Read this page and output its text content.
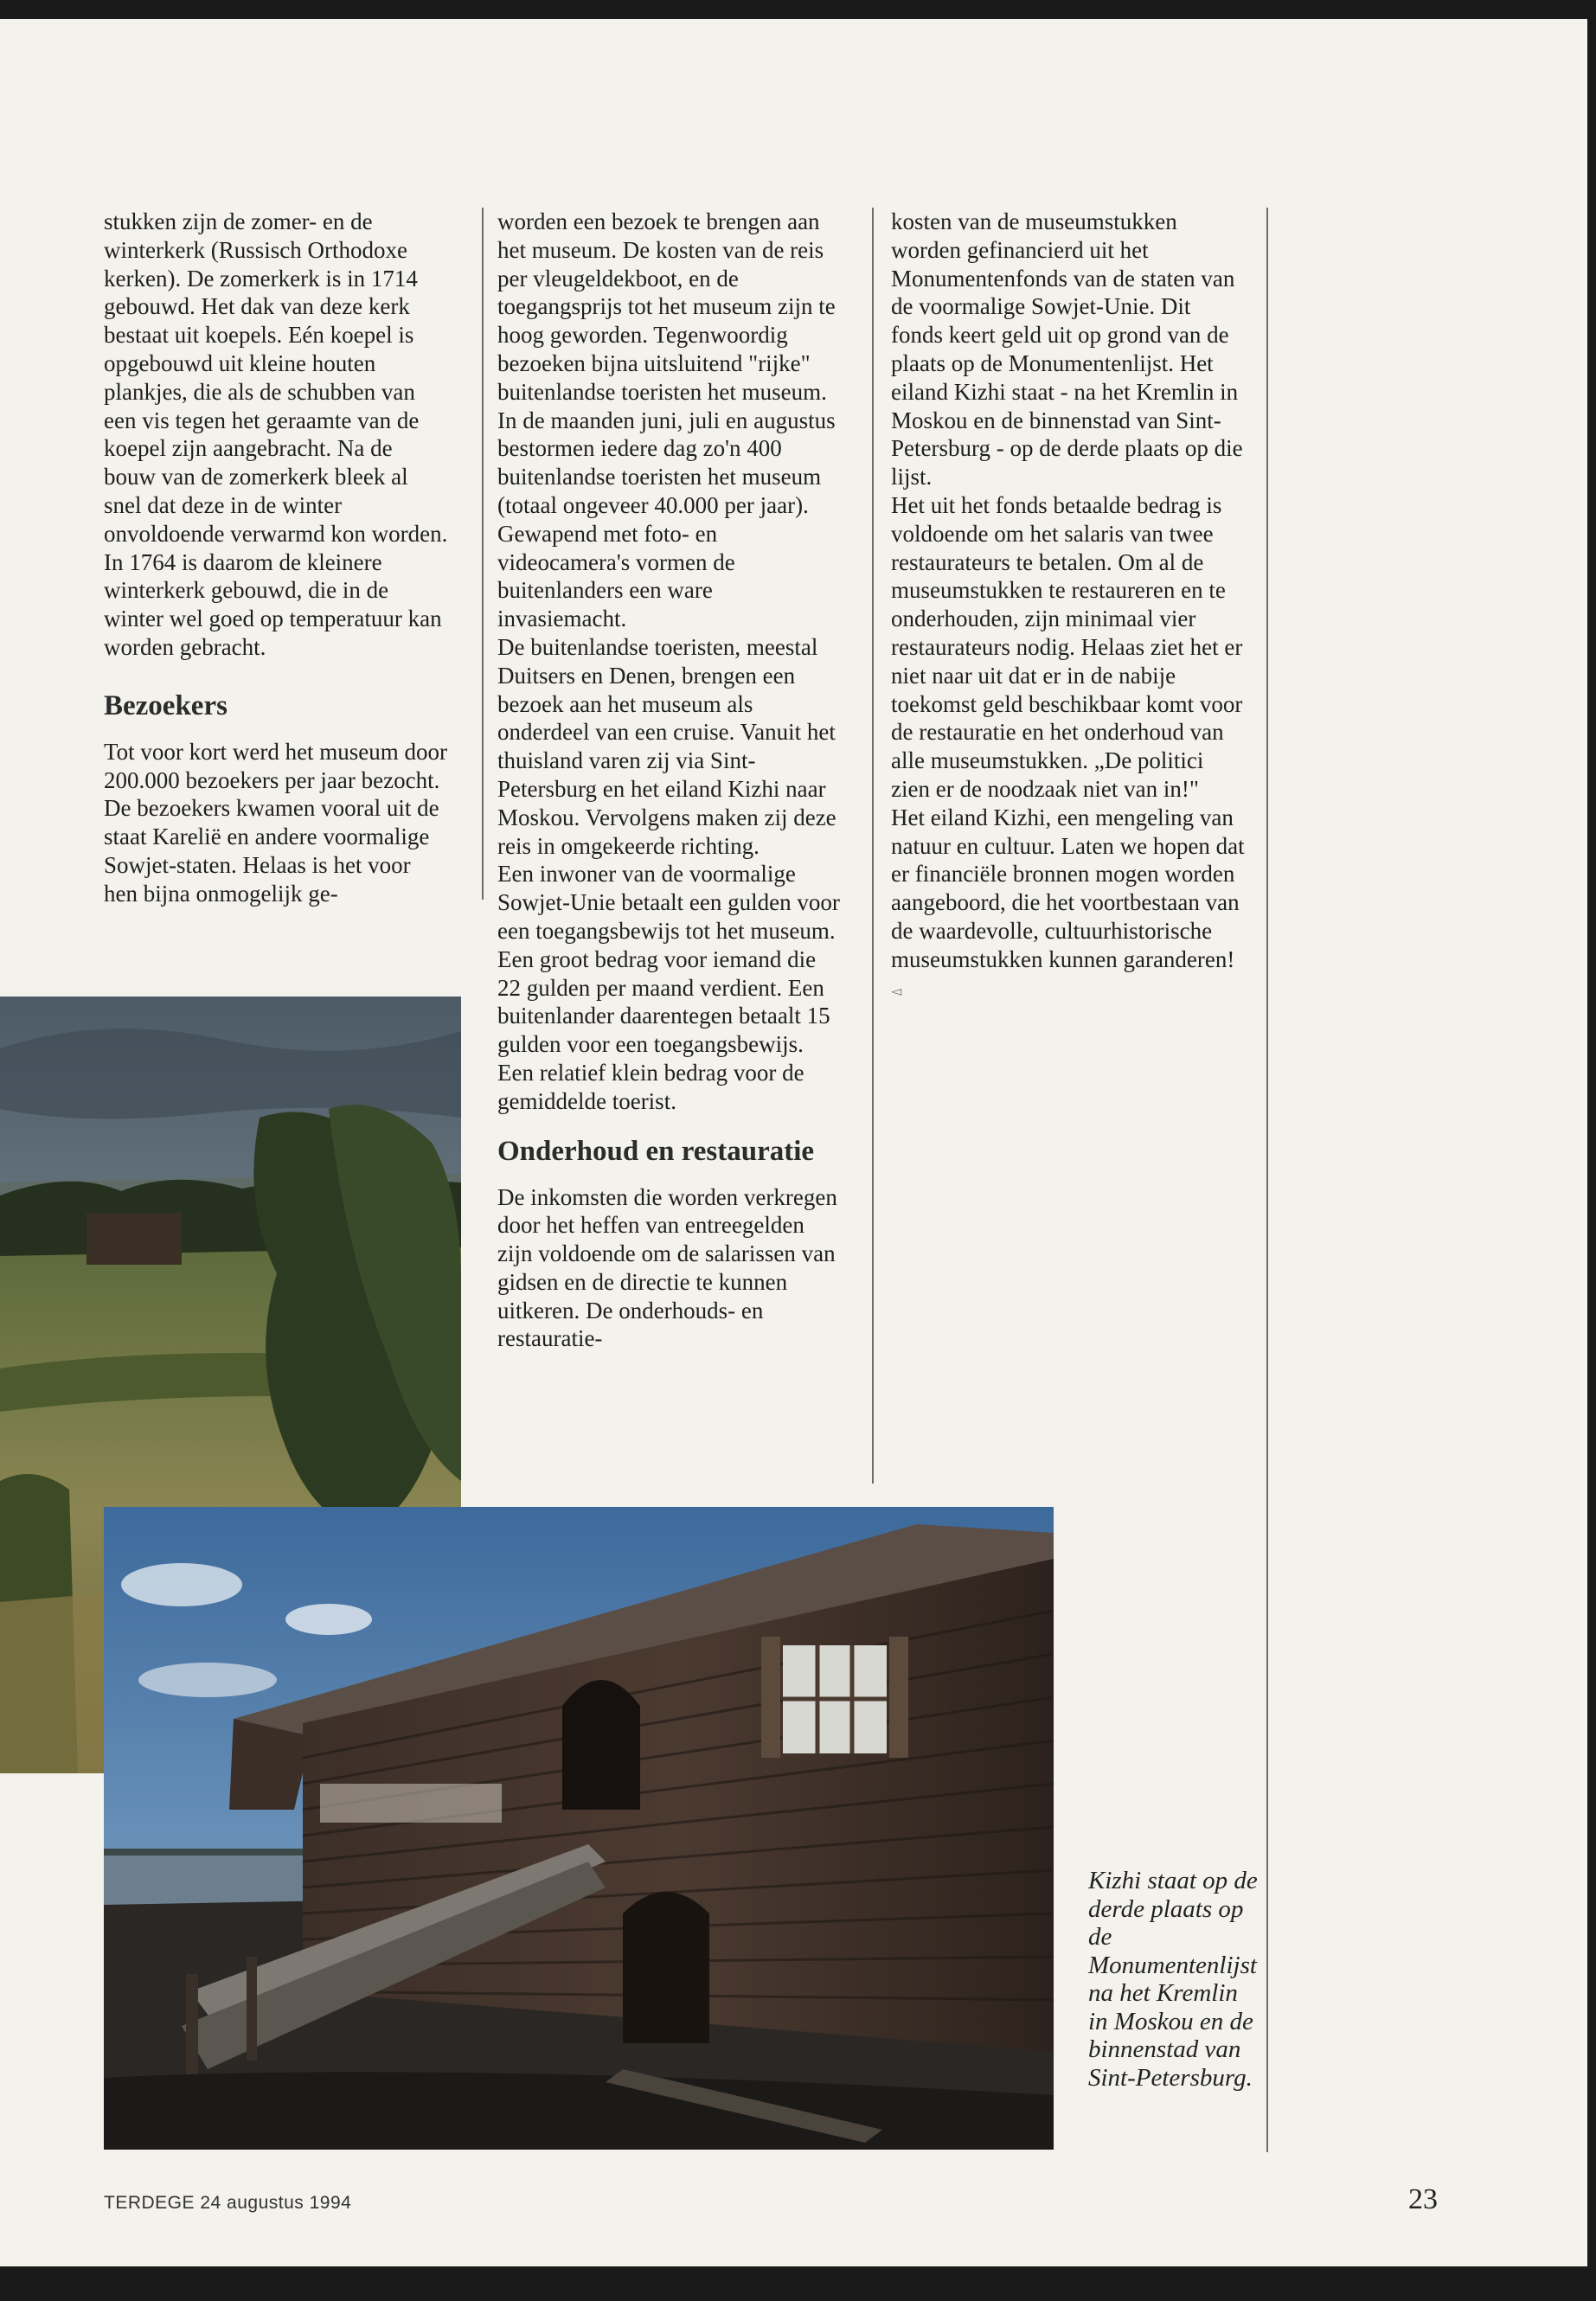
stukken zijn de zomer- en de winterkerk (Russisch Orthodoxe kerken). De zomerkerk is in 1714 gebouwd. Het dak van deze kerk bestaat uit koepels. Eén koepel is opgebouwd uit kleine houten plankjes, die als de schubben van een vis tegen het geraamte van de koepel zijn aangebracht. Na de bouw van de zomerkerk bleek al snel dat deze in de winter onvoldoende verwarmd kon worden. In 1764 is daarom de kleinere winterkerk gebouwd, die in de winter wel goed op temperatuur kan worden gebracht.

Bezoekers

Tot voor kort werd het museum door 200.000 bezoekers per jaar bezocht. De bezoekers kwamen vooral uit de staat Karelië en andere voormalige Sowjet-staten. Helaas is het voor hen bijna onmogelijk ge-

worden een bezoek te brengen aan het museum. De kosten van de reis per vleugeldekboot, en de toegangsprijs tot het museum zijn te hoog geworden. Tegenwoordig bezoeken bijna uitsluitend "rijke" buitenlandse toeristen het museum. In de maanden juni, juli en augustus bestormen iedere dag zo'n 400 buitenlandse toeristen het museum (totaal ongeveer 40.000 per jaar). Gewapend met foto- en videocamera's vormen de buitenlanders een ware invasiemacht.

De buitenlandse toeristen, meestal Duitsers en Denen, brengen een bezoek aan het museum als onderdeel van een cruise. Vanuit het thuisland varen zij via Sint-Petersburg en het eiland Kizhi naar Moskou. Vervolgens maken zij deze reis in omgekeerde richting.

Een inwoner van de voormalige Sowjet-Unie betaalt een gulden voor een toegangsbewijs tot het museum. Een groot bedrag voor iemand die 22 gulden per maand verdient. Een buitenlander daarentegen betaalt 15 gulden voor een toegangsbewijs. Een relatief klein bedrag voor de gemiddelde toerist.

Onderhoud en restauratie

De inkomsten die worden verkregen door het heffen van entreegelden zijn voldoende om de salarissen van gidsen en de directie te kunnen uitkeren. De onderhouds- en restauratie-

kosten van de museumstukken worden gefinancierd uit het Monumentenfonds van de staten van de voormalige Sowjet-Unie. Dit fonds keert geld uit op grond van de plaats op de Monumentenlijst. Het eiland Kizhi staat - na het Kremlin in Moskou en de binnenstad van Sint-Petersburg - op de derde plaats op die lijst.

Het uit het fonds betaalde bedrag is voldoende om het salaris van twee restaurateurs te betalen. Om al de museumstukken te restaureren en te onderhouden, zijn minimaal vier restaurateurs nodig. Helaas ziet het er niet naar uit dat er in de nabije toekomst geld beschikbaar komt voor de restauratie en het onderhoud van alle museumstukken. „De politici zien er de noodzaak niet van in!"

Het eiland Kizhi, een mengeling van natuur en cultuur. Laten we hopen dat er financiële bronnen mogen worden aangeboord, die het voortbestaan van de waardevolle, cultuurhistorische museumstukken kunnen garanderen! ◅

Kizhi staat op de derde plaats op de Monumentenlijst na het Kremlin in Moskou en de binnenstad van Sint-Petersburg.
TERDEGE 24 augustus 1994	23
